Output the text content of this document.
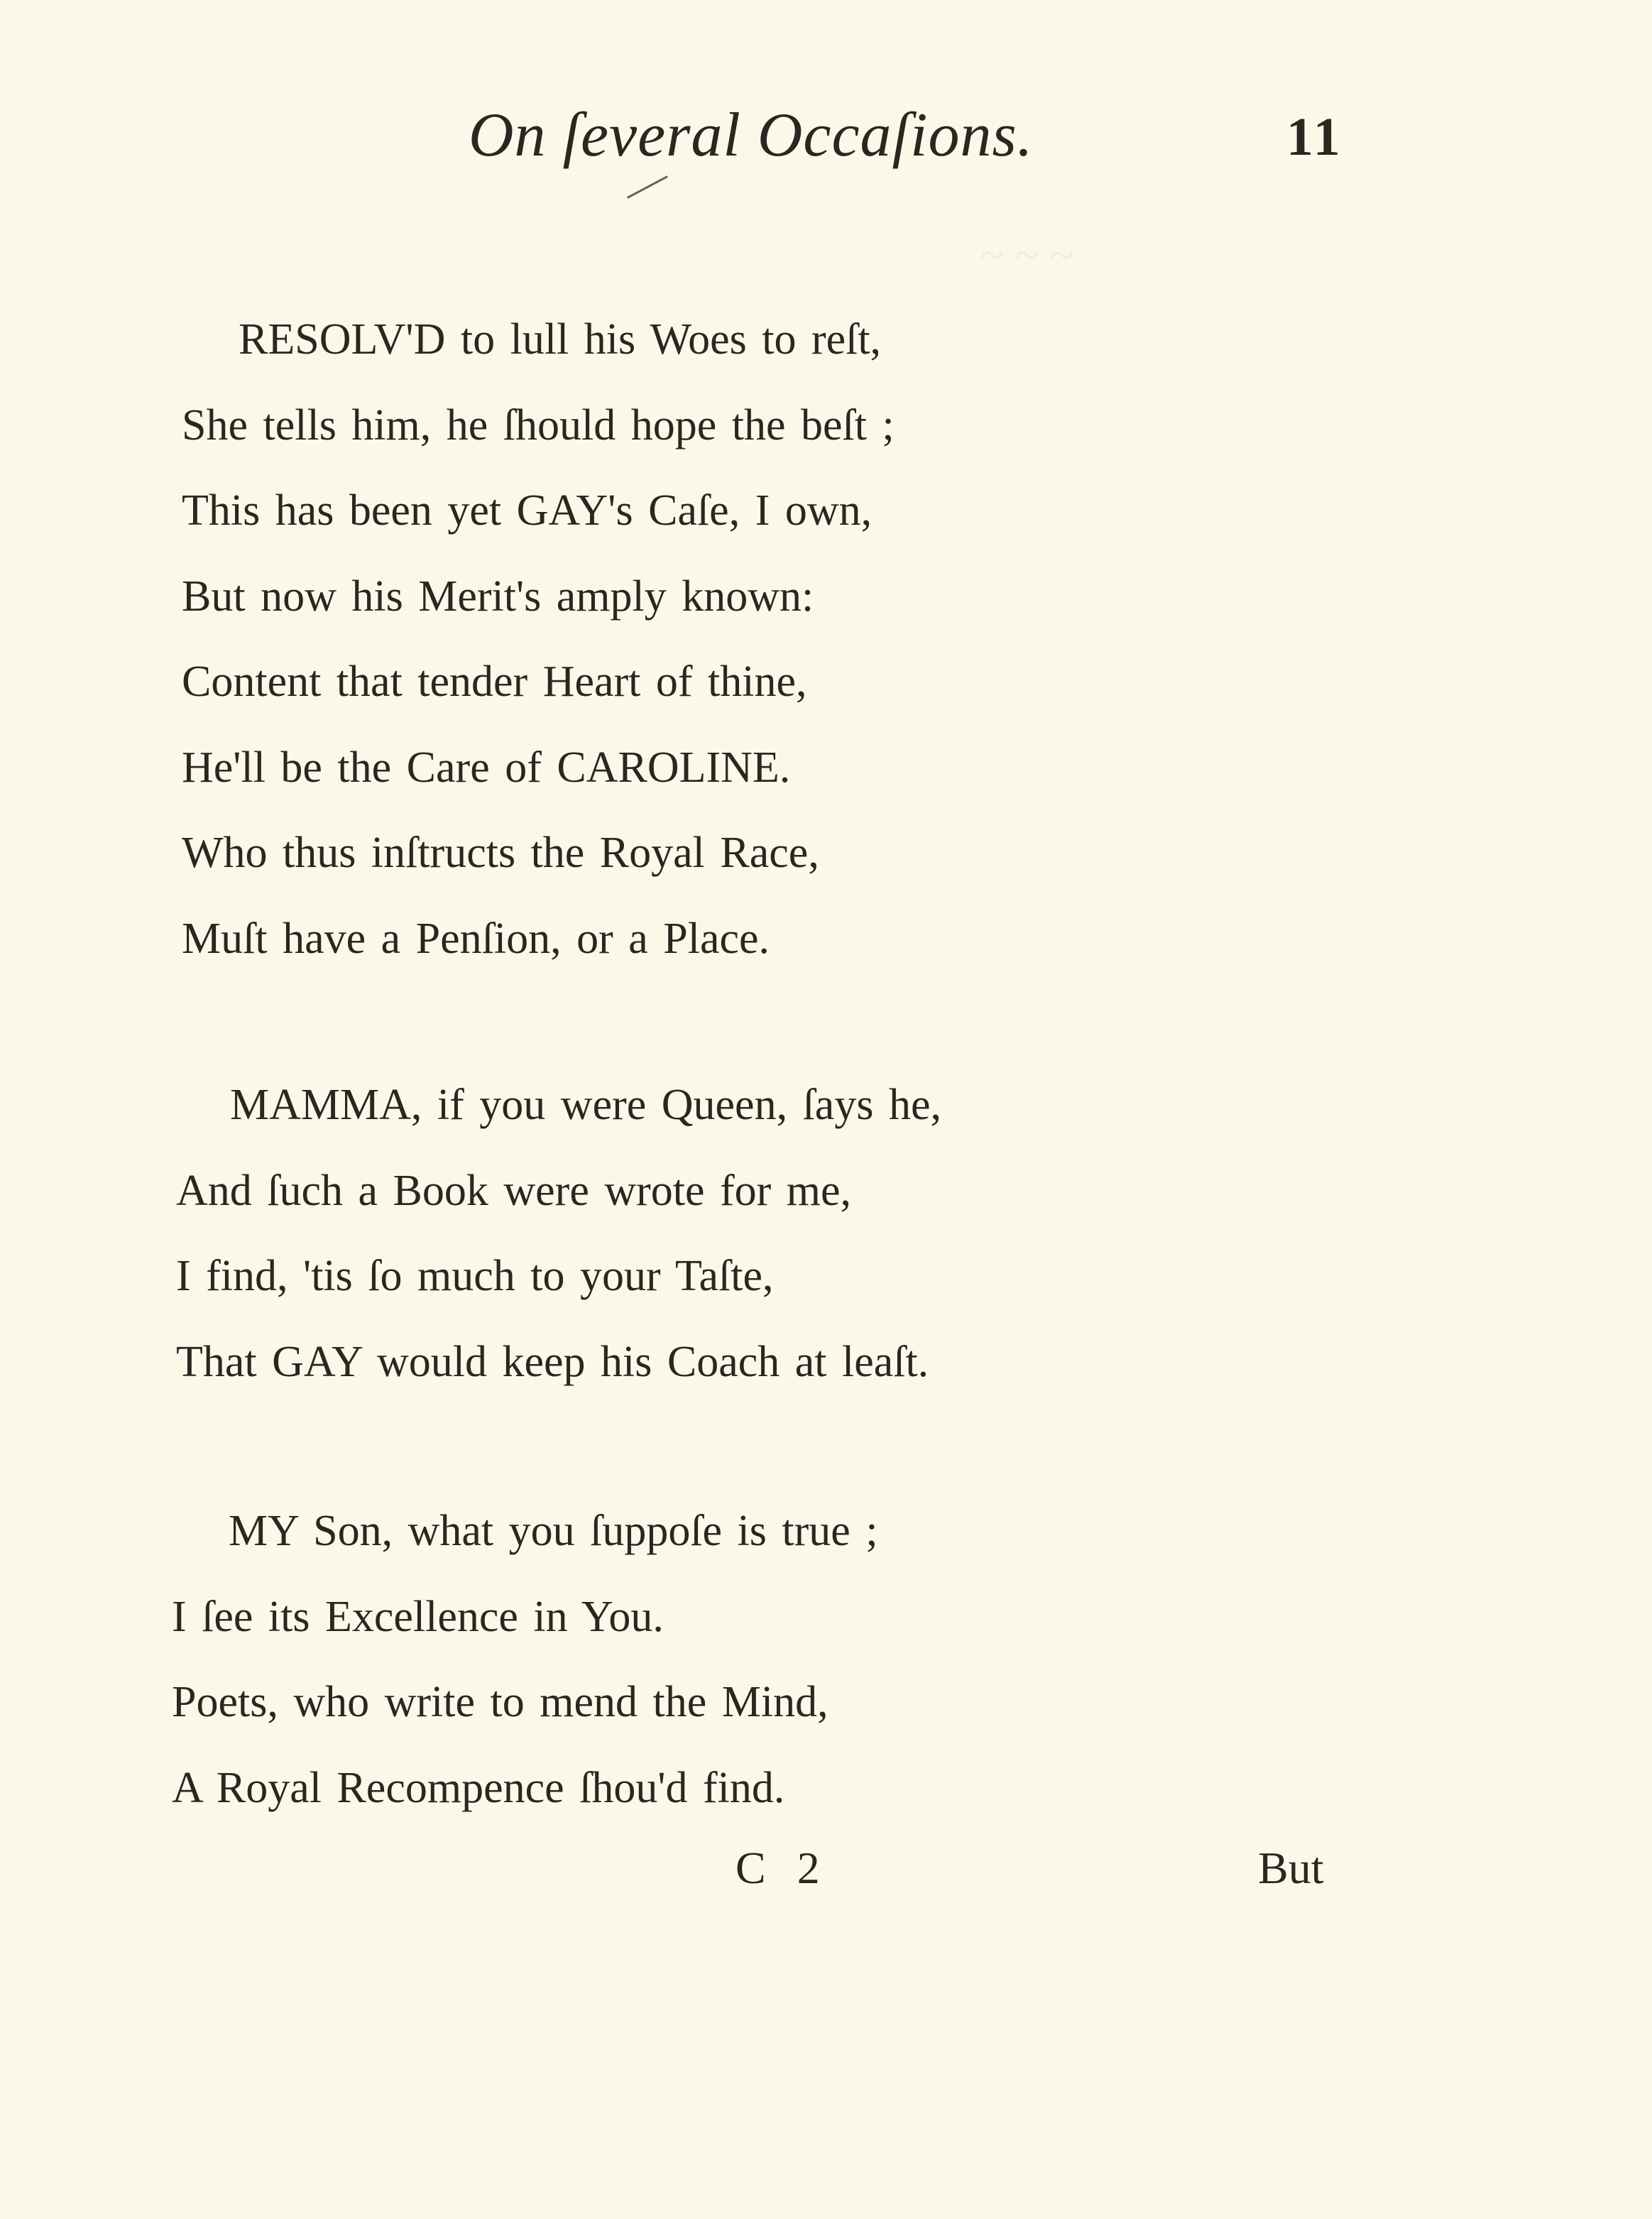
~ ~ ~
On ſeveral Occaſions.	11
RESOLV'D to lull his Woes to reſt,
She tells him, he ſhould hope the beſt ;
This has been yet GAY's Caſe, I own,
But now his Merit's amply known:
Content that tender Heart of thine,
He'll be the Care of CAROLINE.
Who thus inſtructs the Royal Race,
Muſt have a Penſion, or a Place.
MAMMA, if you were Queen, ſays he,
And ſuch a Book were wrote for me,
I find, 'tis ſo much to your Taſte,
That GAY would keep his Coach at leaſt.
MY Son, what you ſuppoſe is true ;
I ſee its Excellence in You.
Poets, who write to mend the Mind,
A Royal Recompence ſhou'd find.
C 2	But
